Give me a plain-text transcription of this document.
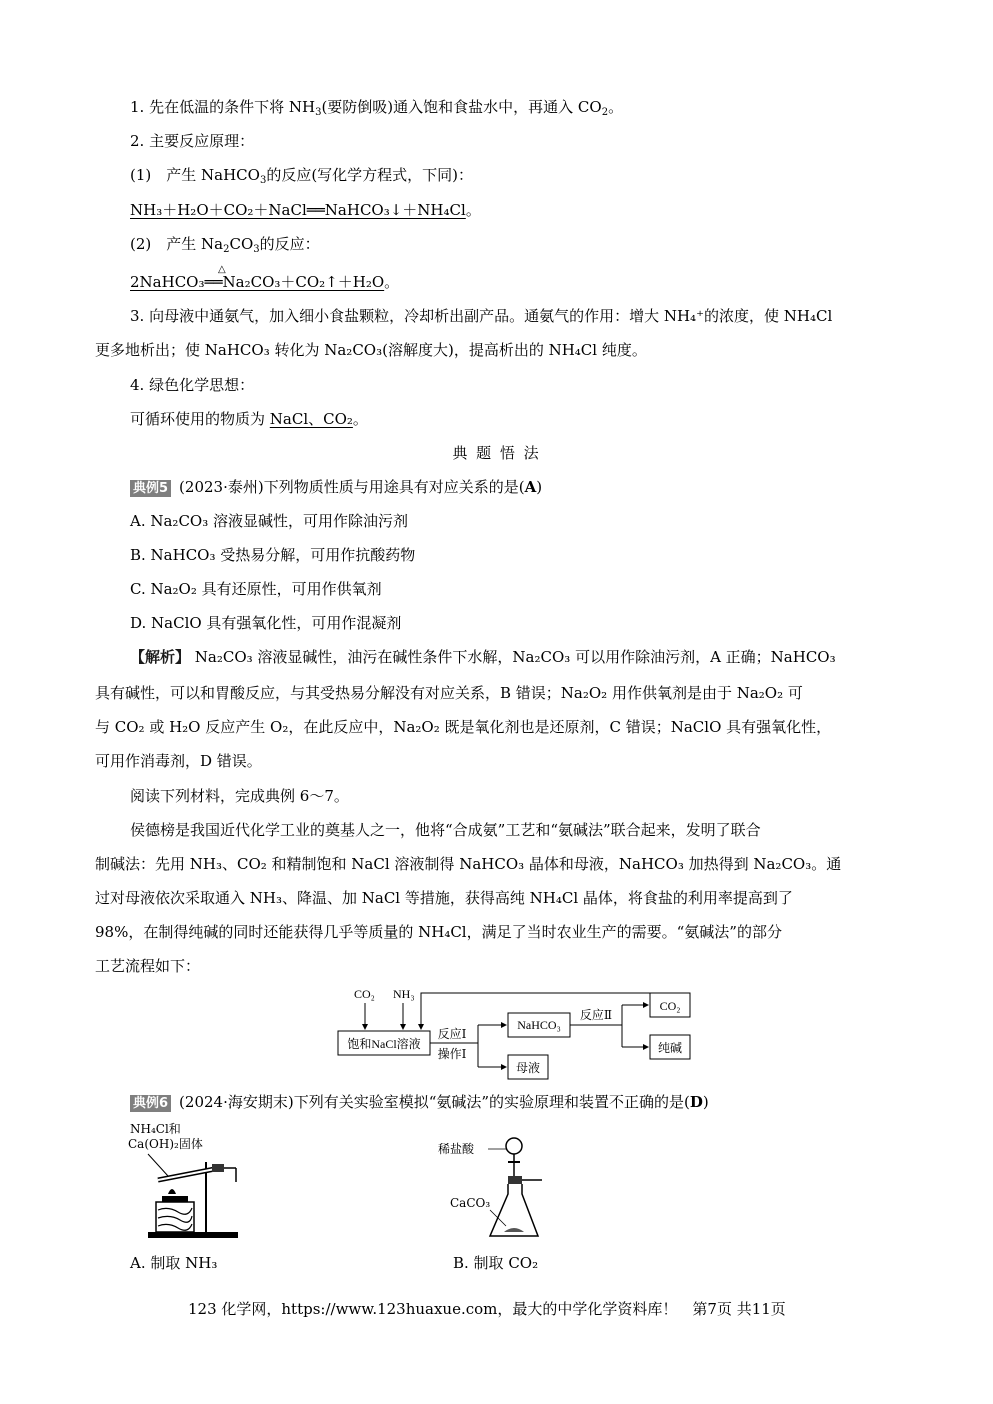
1. 先在低温的条件下将 $NH_3$(要防倒吸)通入饱和食盐水中，再通入 $CO_2$。
2. 主要反应原理：
(1)　产生 NaHCO$_3$的反应(写化学方程式，下同)：
NH₃＋H₂O＋CO₂＋NaCl══NaHCO₃↓＋NH₄Cl。
(2)　产生 $Na_2CO_3$的反应：
△
2NaHCO₃══Na₂CO₃＋CO₂↑＋H₂O。
3. 向母液中通氨气，加入细小食盐颗粒，冷却析出副产品。通氨气的作用：增大 NH₄⁺的浓度，使 NH₄Cl
更多地析出；使 NaHCO₃ 转化为 Na₂CO₃(溶解度大)，提高析出的 NH₄Cl 纯度。
4. 绿色化学思想：
可循环使用的物质为 NaCl、CO₂。
典 题 悟 法
典例5 (2023·泰州)下列物质性质与用途具有对应关系的是(A)
A. Na₂CO₃ 溶液显碱性，可用作除油污剂
B. NaHCO₃ 受热易分解，可用作抗酸药物
C. Na₂O₂ 具有还原性，可用作供氧剂
D. NaClO 具有强氧化性，可用作混凝剂
【解析】 Na₂CO₃ 溶液显碱性，油污在碱性条件下水解，Na₂CO₃ 可以用作除油污剂，A 正确；NaHCO₃
具有碱性，可以和胃酸反应，与其受热易分解没有对应关系，B 错误；Na₂O₂ 用作供氧剂是由于 Na₂O₂ 可
与 CO₂ 或 H₂O 反应产生 O₂，在此反应中，Na₂O₂ 既是氧化剂也是还原剂，C 错误；NaClO 具有强氧化性，
可用作消毒剂，D 错误。
阅读下列材料，完成典例 6～7。
侯德榜是我国近代化学工业的奠基人之一，他将“合成氨”工艺和“氨碱法”联合起来，发明了联合
制碱法：先用 NH₃、CO₂ 和精制饱和 NaCl 溶液制得 NaHCO₃ 晶体和母液，NaHCO₃ 加热得到 Na₂CO₃。通
过对母液依次采取通入 NH₃、降温、加 NaCl 等措施，获得高纯 NH₄Cl 晶体，将食盐的利用率提高到了
98%，在制得纯碱的同时还能获得几乎等质量的 NH₄Cl，满足了当时农业生产的需要。“氨碱法”的部分
工艺流程如下：
CO₂ NH₃
饱和NaCl溶液
反应Ⅰ
操作Ⅰ
NaHCO₃
母液
反应Ⅱ
CO₂
纯碱
典例6 (2024·海安期末)下列有关实验室模拟“氨碱法”的实验原理和装置不正确的是(D)
NH₄Cl和
Ca(OH)₂固体	稀盐酸
CaCO₃
A. 制取 NH₃	B. 制取 CO₂
123 化学网，https://www.123huaxue.com，最大的中学化学资料库！　第7页 共11页
